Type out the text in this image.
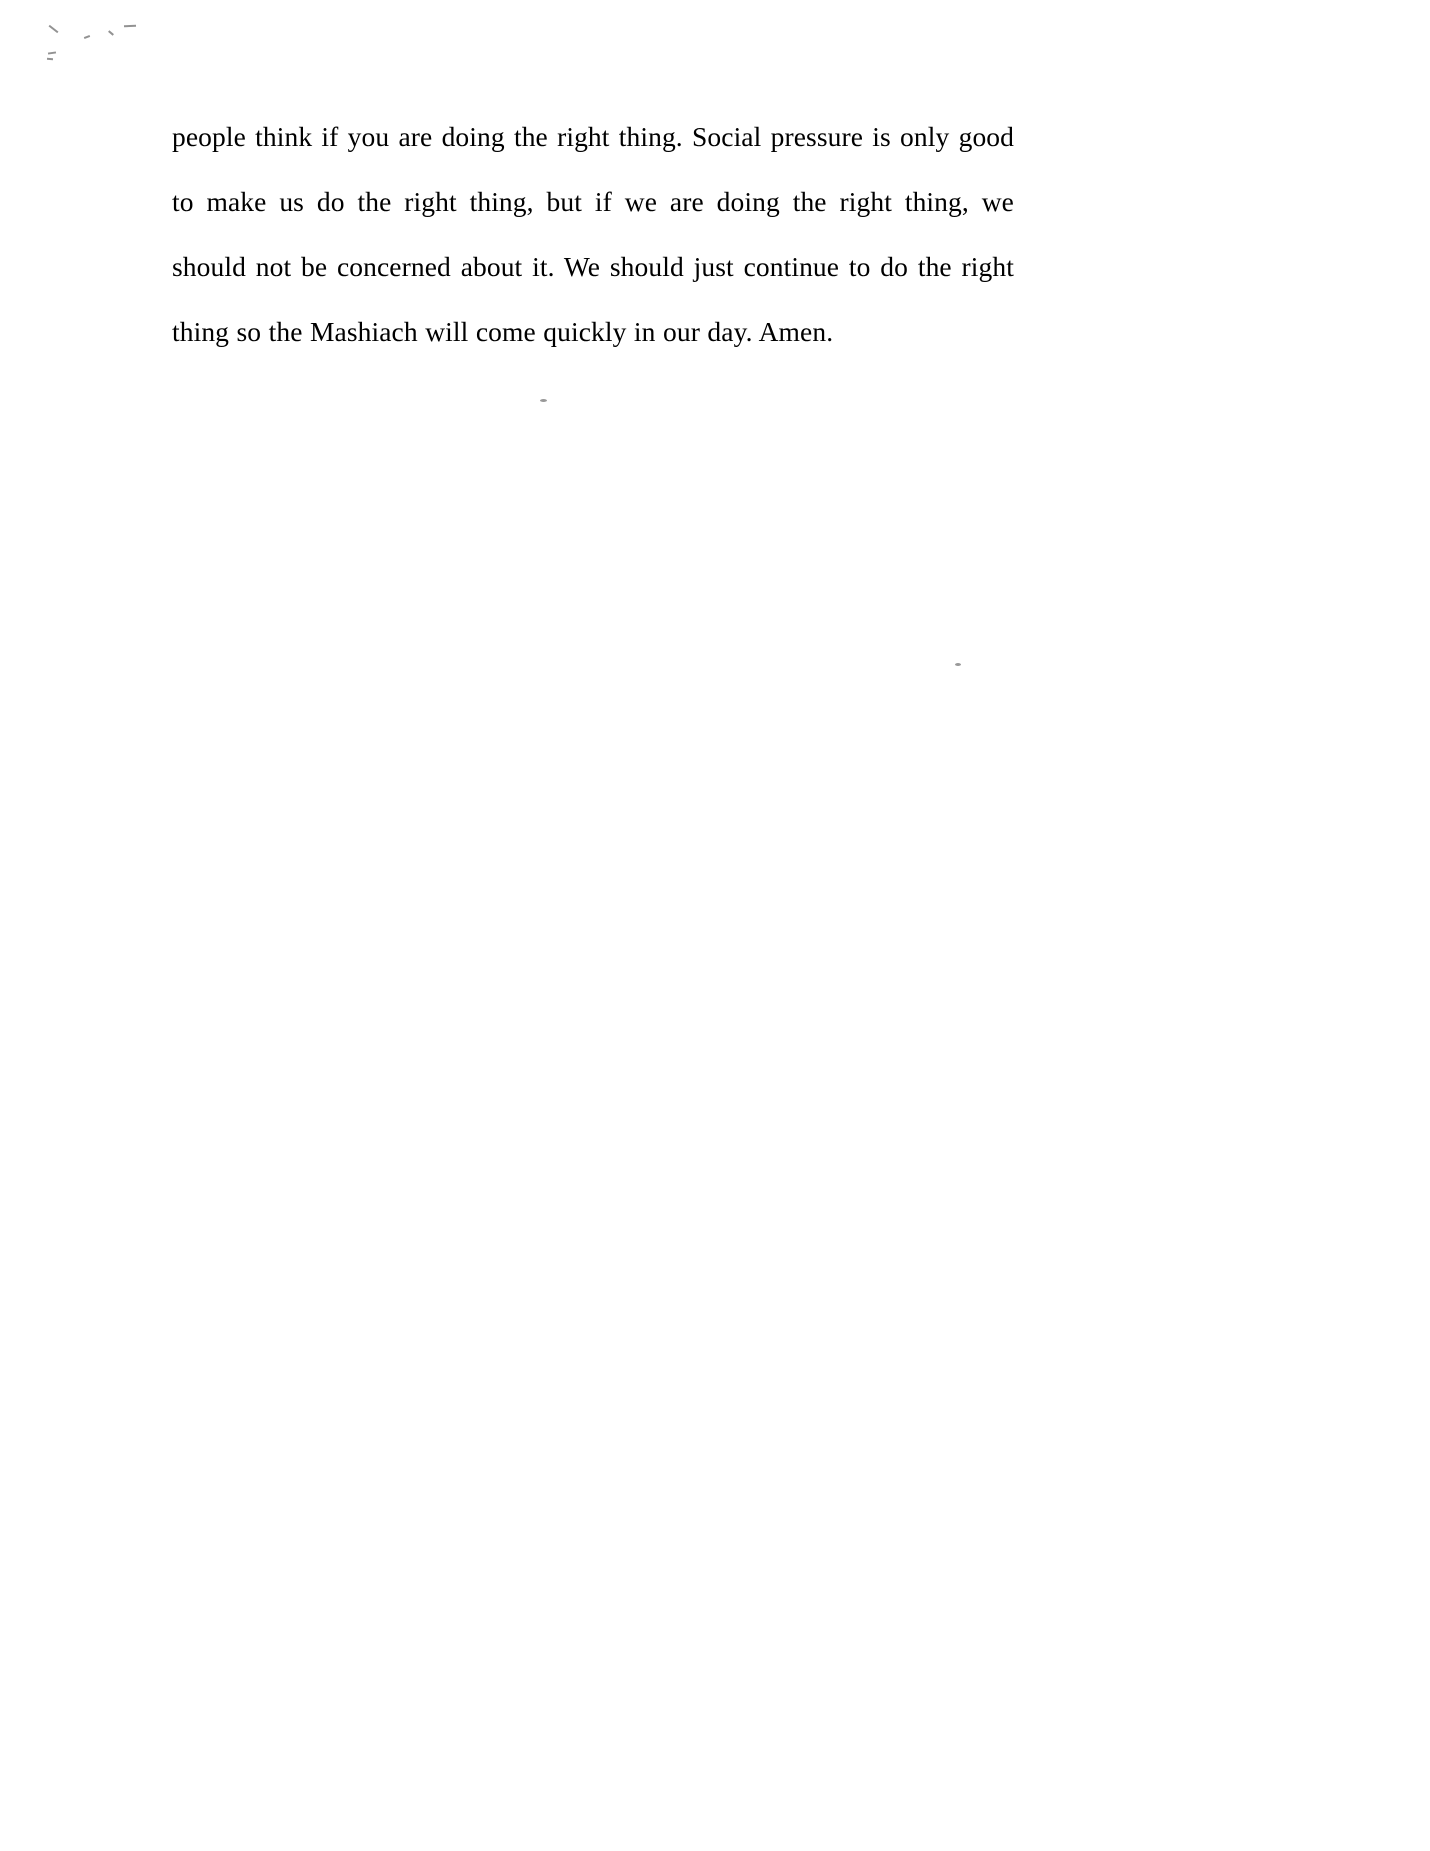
people think if you are doing the right thing. Social pressure is only good to make us do the right thing, but if we are doing the right thing, we should not be concerned about it. We should just continue to do the right thing so the Mashiach will come quickly in our day. Amen.
